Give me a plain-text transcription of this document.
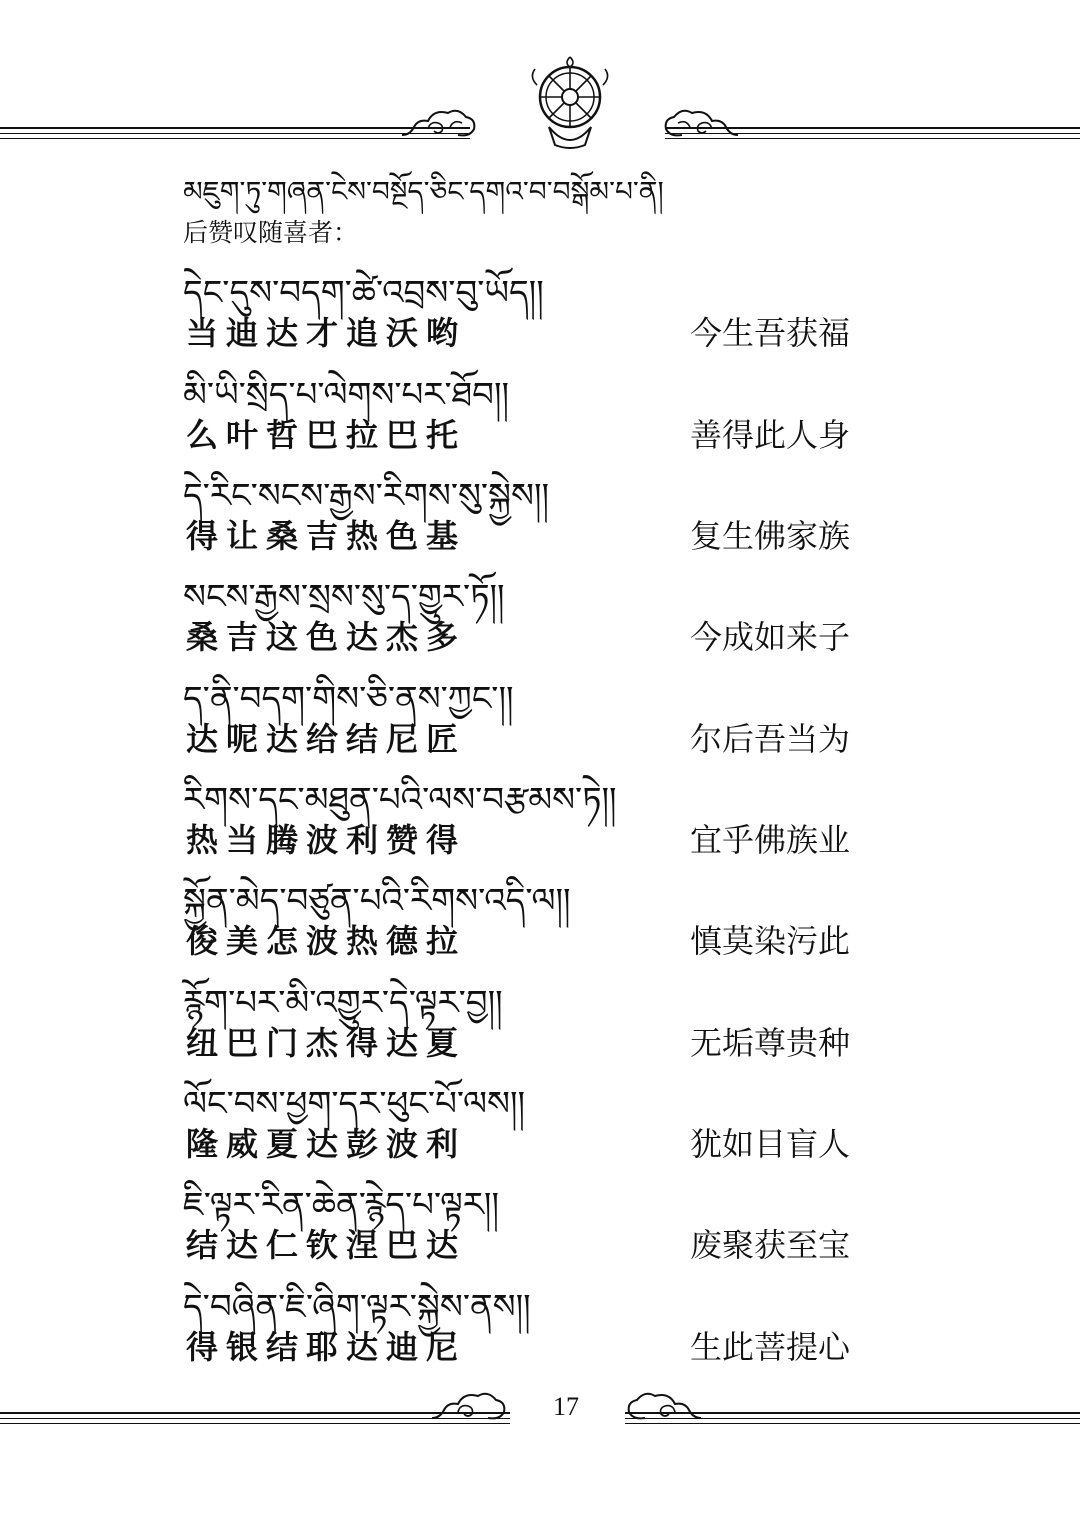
མཇུག་ཏུ་གཞན་ངེས་བསྔོད་ཅིང་དགའ་བ་བསྒོམ་པ་ནི།
后赞叹随喜者：
དེང་དུས་བདག་ཚེ་འབྲས་བུ་ཡོད།།
当迪达才追沃哟	今生吾获福
མི་ཡི་སྲིད་པ་ལེགས་པར་ཐོབ།།
么叶哲巴拉巴托	善得此人身
དེ་རིང་སངས་རྒྱས་རིགས་སུ་སྐྱེས།།
得让桑吉热色基	复生佛家族
སངས་རྒྱས་སྲས་སུ་ད་གྱུར་ཏོ།།
桑吉这色达杰多	今成如来子
ད་ནི་བདག་གིས་ཅི་ནས་ཀྱང་།།
达呢达给结尼匠	尔后吾当为
རིགས་དང་མཐུན་པའི་ལས་བརྩམས་ཏེ།།
热当腾波利赞得	宜乎佛族业
སྐྱོན་མེད་བཙུན་པའི་རིགས་འདི་ལ།།
俊美怎波热德拉	慎莫染污此
རྙོག་པར་མི་འགྱུར་དེ་ལྟར་བྱ།།
纽巴门杰得达夏	无垢尊贵种
ལོང་བས་ཕྱག་དར་ཕུང་པོ་ལས།།
隆威夏达彭波利	犹如目盲人
ཇི་ལྟར་རིན་ཆེན་རྙེད་པ་ལྟར།།
结达仁钦涅巴达	废聚获至宝
དེ་བཞིན་ཇི་ཞིག་ལྟར་སྐྱེས་ནས།།
得银结耶达迪尼	生此菩提心
17
